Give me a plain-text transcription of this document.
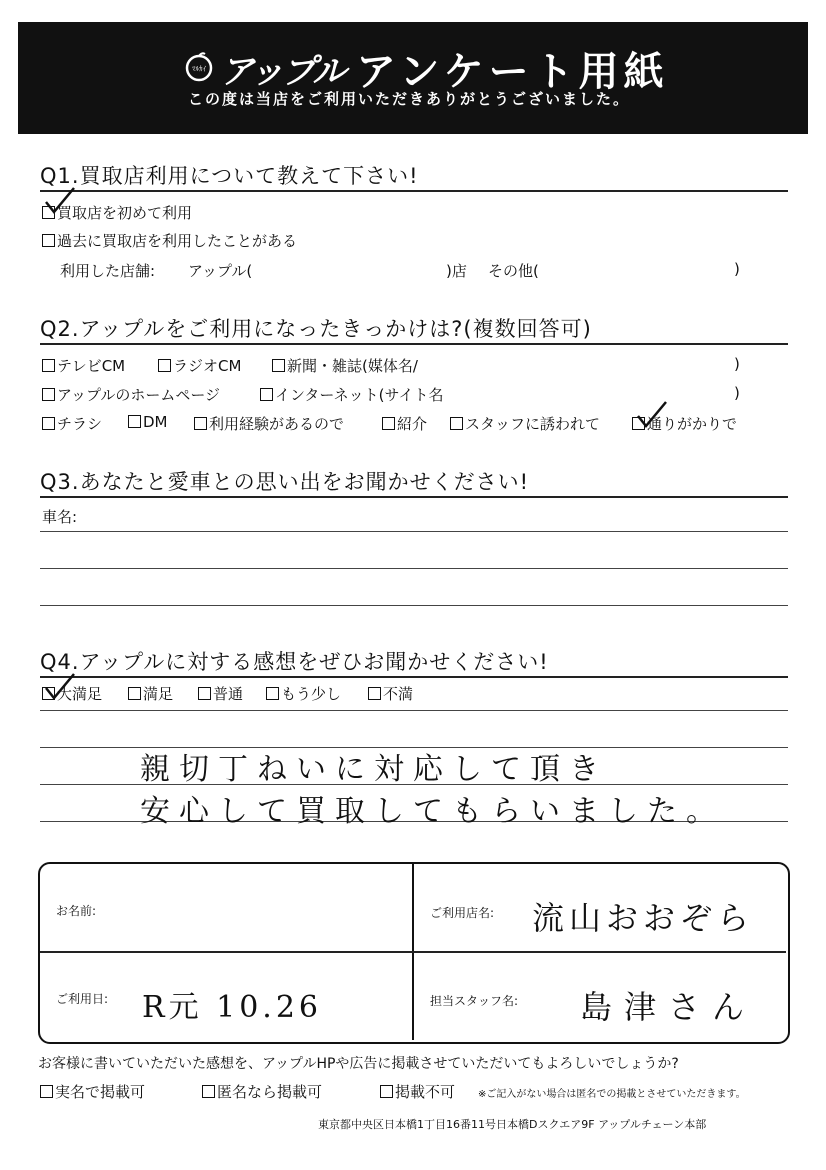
ﾏﾙｶｲ アップル アンケート用紙
この度は当店をご利用いただきありがとうございました。
Q1.買取店利用について教えて下さい!
買取店を初めて利用
過去に買取店を利用したことがある
利用した店舗: アップル(	)店 その他(	)
Q2.アップルをご利用になったきっかけは?(複数回答可)
テレビCM	ラジオCM	新聞・雑誌(媒体名/	)
アップルのホームページ	インターネット(サイト名	)
チラシ	DM	利用経験があるので	紹介	スタッフに誘われて	通りがかりで
Q3.あなたと愛車との思い出をお聞かせください!
車名:
Q4.アップルに対する感想をぜひお聞かせください!
大満足	満足	普通	もう少し	不満
親切丁ねいに対応して頂き
安心して買取してもらいました。
お名前:	ご利用店名: 流山おおぞら
ご利用日: R元 10.26	担当スタッフ名: 島津さん
お客様に書いていただいた感想を、アップルHPや広告に掲載させていただいてもよろしいでしょうか?
実名で掲載可	匿名なら掲載可	掲載不可 ※ご記入がない場合は匿名での掲載とさせていただきます。
東京都中央区日本橋1丁目16番11号日本橋Dスクエア9F アップルチェーン本部
